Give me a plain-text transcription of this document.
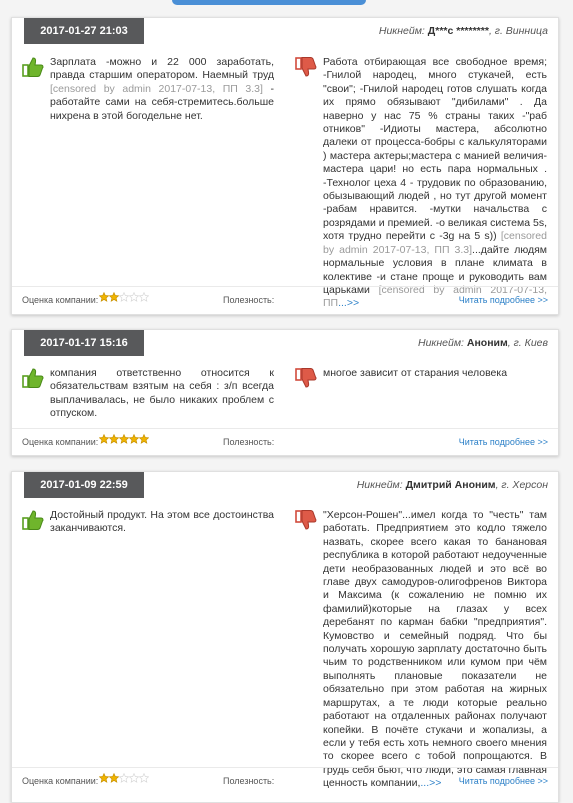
2017-01-27 21:03	Никнейм: Д***с ********, г. Винница
Зарплата -можно и 22 000 заработать, правда старшим оператором. Наемный труд [censored by admin 2017-07-13, ПП 3.3] - работайте сами на себя-стремитесь.больше нихрена в этой богодельне нет.
Работа отбирающая все свободное время; -Гнилой народец, много стукачей, есть "свои"; -Гнилой народец готов слушать когда их прямо обязывают "дибилами" . Да наверно у нас 75 % страны таких -"раб отников" -Идиоты мастера, абсолютно далеки от процесса-бобры с калькуляторами ) мастера актеры;мастера с манией величия-мастера цари! но есть пара нормальных . -Технолог цеха 4 - трудовик по образованию, обызывающий людей , но тут другой момент -рабам нравится. -мутки начальства с розрядами и премией. -о великая система 5s, хотя трудно перейти с -3g на 5 s)) [censored by admin 2017-07-13, ПП 3.3]...дайте людям нормальные условия в плане климата в колективе -и стане проще и руководить вам царьками [censored by admin 2017-07-13, ПП...>>
Оценка компании:	Полезность:	Читать подробнее >>
2017-01-17 15:16	Никнейм: Аноним, г. Киев
компания ответственно относится к обязательствам взятым на себя : з/п всегда выплачивалась, не было никаких проблем с отпуском.
многое зависит от старания человека
Оценка компании:	Полезность:	Читать подробнее >>
2017-01-09 22:59	Никнейм: Дмитрий Аноним, г. Херсон
Достойный продукт. На этом все достоинства заканчиваются.
"Херсон-Рошен"...имел когда то "честь" там работать. Предприятием это кодло тяжело назвать, скорее всего какая то банановая республика в которой работают недоученные дети необразованных людей и это всё во главе двух самодуров-олигофренов Виктора и Максима (к сожалению не помню их фамилий)которые на глазах у всех деребанят по карман бабки "предприятия". Кумовство и семейный подряд. Что бы получать хорошую зарплату достаточно быть чьим то родственником или кумом при чём выполнять плановые показатели не обязательно при этом работая на жирных маршрутах, а те люди которые реально работают на отдаленных районах получают копейки. В почёте стукачи и жопализы, а если у тебя есть хоть немного своего мнения то скорее всего с тобой попрощаются. В грудь себя бьют, что люди, это самая главная ценность компании,...>>
Оценка компании:	Полезность:	Читать подробнее >>
